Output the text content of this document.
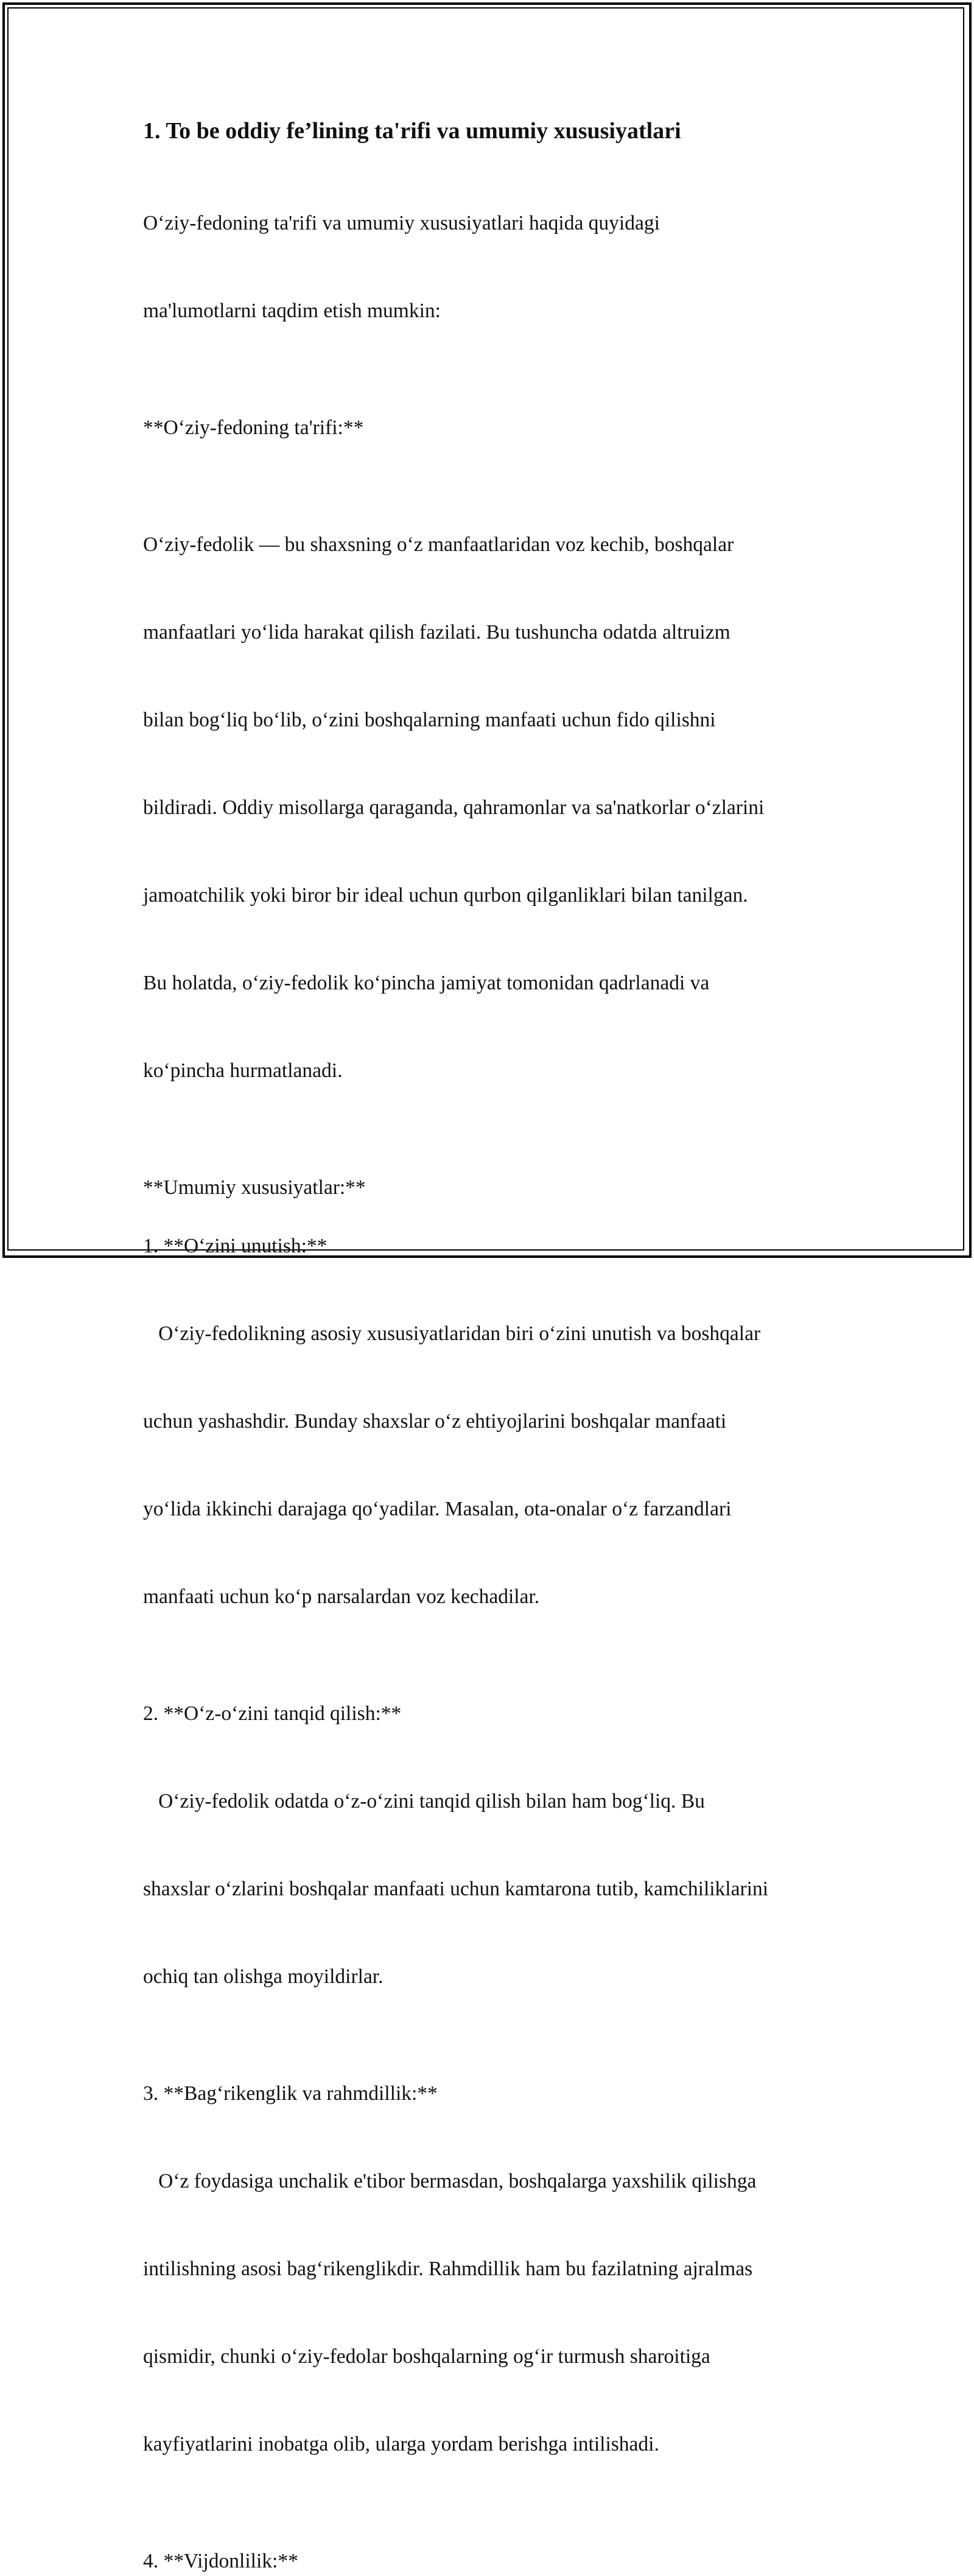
1. To be oddiy fe’lining ta'rifi va umumiy xususiyatlari

O‘ziy-fedoning ta'rifi va umumiy xususiyatlari haqida quyidagi

ma'lumotlarni taqdim etish mumkin:

**O‘ziy-fedoning ta'rifi:**

O‘ziy-fedolik — bu shaxsning o‘z manfaatlaridan voz kechib, boshqalar

manfaatlari yo‘lida harakat qilish fazilati. Bu tushuncha odatda altruizm

bilan bog‘liq bo‘lib, o‘zini boshqalarning manfaati uchun fido qilishni

bildiradi. Oddiy misollarga qaraganda, qahramonlar va sa'natkorlar o‘zlarini

jamoatchilik yoki biror bir ideal uchun qurbon qilganliklari bilan tanilgan.

Bu holatda, o‘ziy-fedolik ko‘pincha jamiyat tomonidan qadrlanadi va

ko‘pincha hurmatlanadi.

**Umumiy xususiyatlar:**

1. **O‘zini unutish:**

O‘ziy-fedolikning asosiy xususiyatlaridan biri o‘zini unutish va boshqalar

uchun yashashdir. Bunday shaxslar o‘z ehtiyojlarini boshqalar manfaati

yo‘lida ikkinchi darajaga qo‘yadilar. Masalan, ota-onalar o‘z farzandlari

manfaati uchun ko‘p narsalardan voz kechadilar.

2. **O‘z-o‘zini tanqid qilish:**

O‘ziy-fedolik odatda o‘z-o‘zini tanqid qilish bilan ham bog‘liq. Bu

shaxslar o‘zlarini boshqalar manfaati uchun kamtarona tutib, kamchiliklarini

ochiq tan olishga moyildirlar.

3. **Bag‘rikenglik va rahmdillik:**

O‘z foydasiga unchalik e'tibor bermasdan, boshqalarga yaxshilik qilishga

intilishning asosi bag‘rikenglikdir. Rahmdillik ham bu fazilatning ajralmas

qismidir, chunki o‘ziy-fedolar boshqalarning og‘ir turmush sharoitiga

kayfiyatlarini inobatga olib, ularga yordam berishga intilishadi.

4. **Vijdonlilik:**
